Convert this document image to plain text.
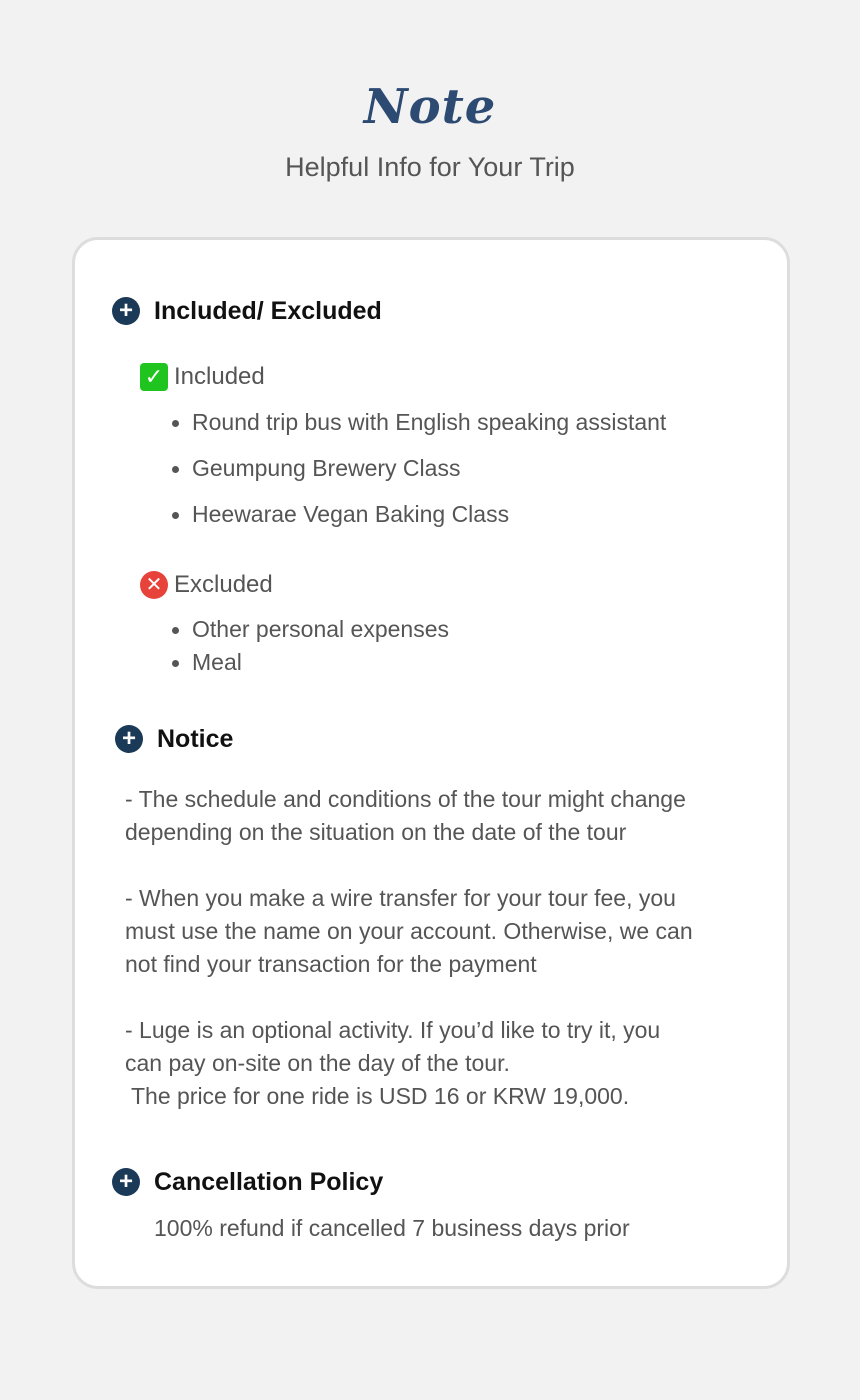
Note
Helpful Info for Your Trip
+ Included/ Excluded
✓ Included
Round trip bus with English speaking assistant
Geumpung Brewery Class
Heewarae Vegan Baking Class
✕ Excluded
Other personal expenses
Meal
+ Notice
- The schedule and conditions of the tour might change
depending on the situation on the date of the tour
- When you make a wire transfer for your tour fee, you
must use the name on your account. Otherwise, we can
not find your transaction for the payment
- Luge is an optional activity. If you’d like to try it, you
can pay on-site on the day of the tour.
The price for one ride is USD 16 or KRW 19,000.
+ Cancellation Policy
100% refund if cancelled 7 business days prior
